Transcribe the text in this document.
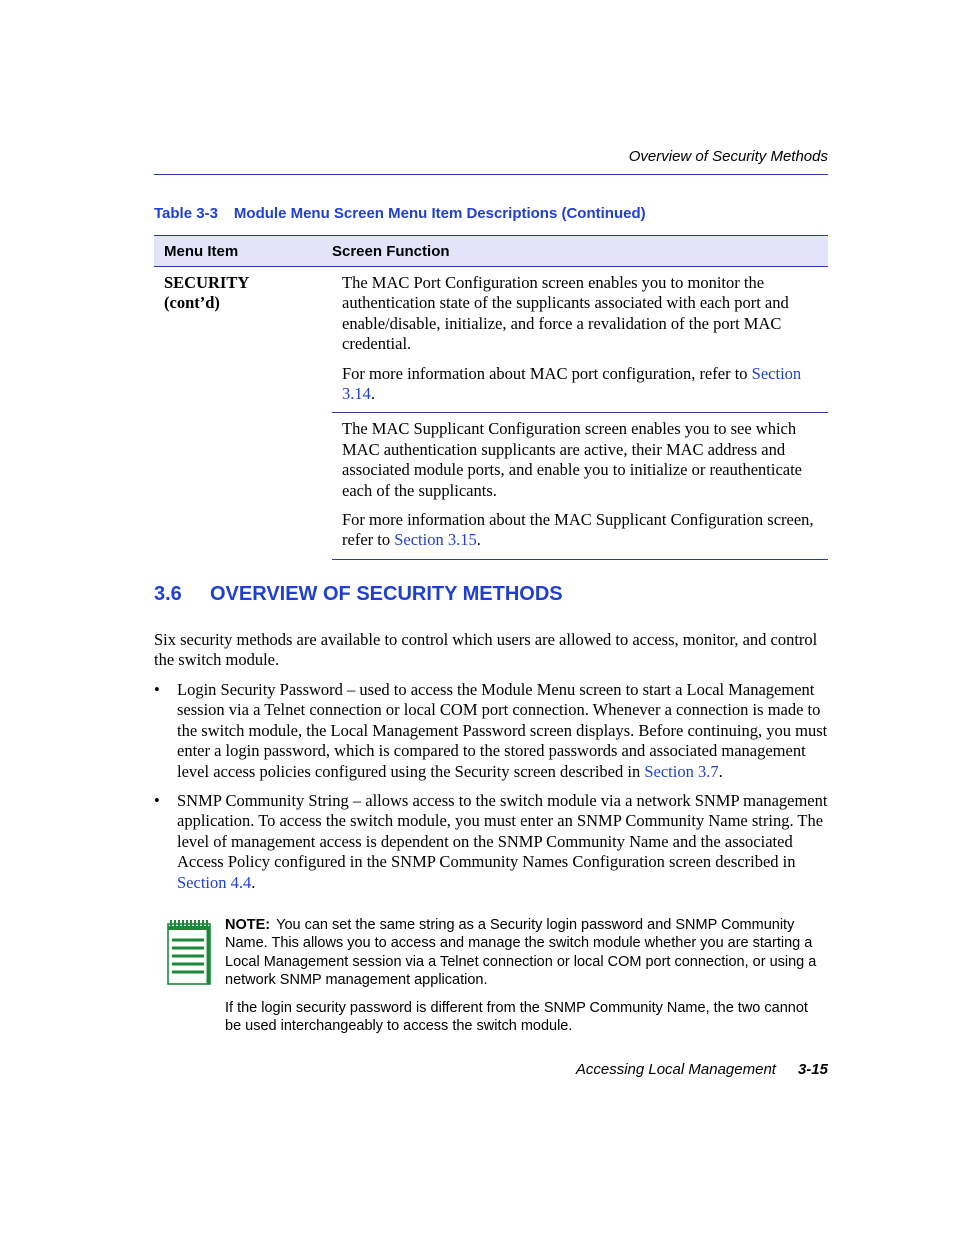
Overview of Security Methods
Table 3-3 Module Menu Screen Menu Item Descriptions (Continued)
Menu Item	Screen Function
SECURITY
(cont’d)

The MAC Port Configuration screen enables you to monitor the authentication state of the supplicants associated with each port and enable/disable, initialize, and force a revalidation of the port MAC credential.

For more information about MAC port configuration, refer to Section 3.14.

The MAC Supplicant Configuration screen enables you to see which MAC authentication supplicants are active, their MAC address and associated module ports, and enable you to initialize or reauthenticate each of the supplicants.

For more information about the MAC Supplicant Configuration screen, refer to Section 3.15.

3.6 OVERVIEW OF SECURITY METHODS
Six security methods are available to control which users are allowed to access, monitor, and control the switch module.
• Login Security Password – used to access the Module Menu screen to start a Local Management session via a Telnet connection or local COM port connection. Whenever a connection is made to the switch module, the Local Management Password screen displays. Before continuing, you must enter a login password, which is compared to the stored passwords and associated management level access policies configured using the Security screen described in Section 3.7.
• SNMP Community String – allows access to the switch module via a network SNMP management application. To access the switch module, you must enter an SNMP Community Name string. The level of management access is dependent on the SNMP Community Name and the associated Access Policy configured in the SNMP Community Names Configuration screen described in Section 4.4.

NOTE: You can set the same string as a Security login password and SNMP Community Name. This allows you to access and manage the switch module whether you are starting a Local Management session via a Telnet connection or local COM port connection, or using a network SNMP management application.

If the login security password is different from the SNMP Community Name, the two cannot be used interchangeably to access the switch module.

Accessing Local Management 3-15
